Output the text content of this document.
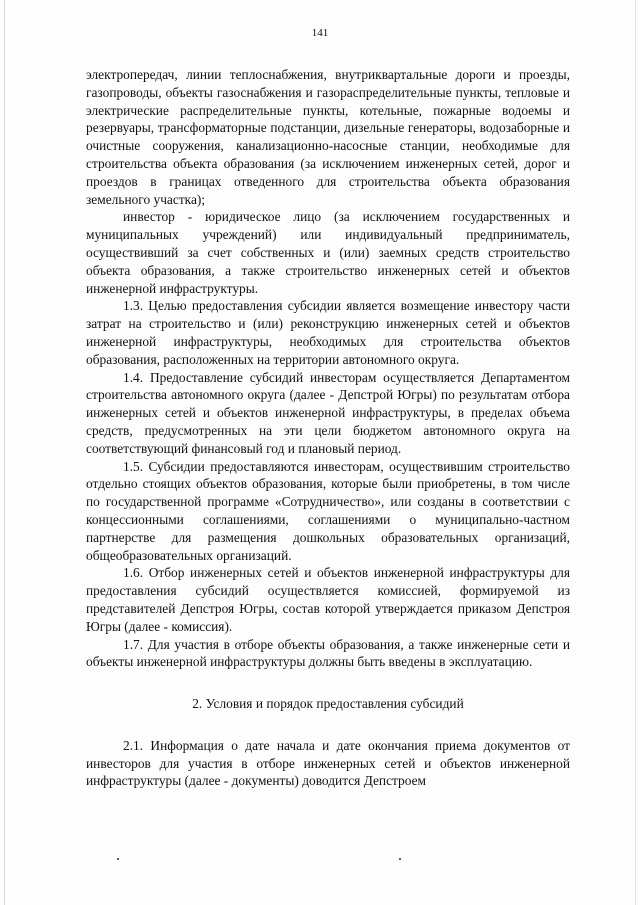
141

электропередач, линии теплоснабжения, внутриквартальные дороги и проезды, газопроводы, объекты газоснабжения и газораспределительные пункты, тепловые и электрические распределительные пункты, котельные, пожарные водоемы и резервуары, трансформаторные подстанции, дизельные генераторы, водозаборные и очистные сооружения, канализационно-насосные станции, необходимые для строительства объекта образования (за исключением инженерных сетей, дорог и проездов в границах отведенного для строительства объекта образования земельного участка);

инвестор - юридическое лицо (за исключением государственных и муниципальных учреждений) или индивидуальный предприниматель, осуществивший за счет собственных и (или) заемных средств строительство объекта образования, а также строительство инженерных сетей и объектов инженерной инфраструктуры.

1.3. Целью предоставления субсидии является возмещение инвестору части затрат на строительство и (или) реконструкцию инженерных сетей и объектов инженерной инфраструктуры, необходимых для строительства объектов образования, расположенных на территории автономного округа.

1.4. Предоставление субсидий инвесторам осуществляется Департаментом строительства автономного округа (далее - Депстрой Югры) по результатам отбора инженерных сетей и объектов инженерной инфраструктуры, в пределах объема средств, предусмотренных на эти цели бюджетом автономного округа на соответствующий финансовый год и плановый период.

1.5. Субсидии предоставляются инвесторам, осуществившим строительство отдельно стоящих объектов образования, которые были приобретены, в том числе по государственной программе «Сотрудничество», или созданы в соответствии с концессионными соглашениями, соглашениями о муниципально-частном партнерстве для размещения дошкольных образовательных организаций, общеобразовательных организаций.

1.6. Отбор инженерных сетей и объектов инженерной инфраструктуры для предоставления субсидий осуществляется комиссией, формируемой из представителей Депстроя Югры, состав которой утверждается приказом Депстроя Югры (далее - комиссия).

1.7. Для участия в отборе объекты образования, а также инженерные сети и объекты инженерной инфраструктуры должны быть введены в эксплуатацию.

2. Условия и порядок предоставления субсидий

2.1. Информация о дате начала и дате окончания приема документов от инвесторов для участия в отборе инженерных сетей и объектов инженерной инфраструктуры (далее - документы) доводится Депстроем
